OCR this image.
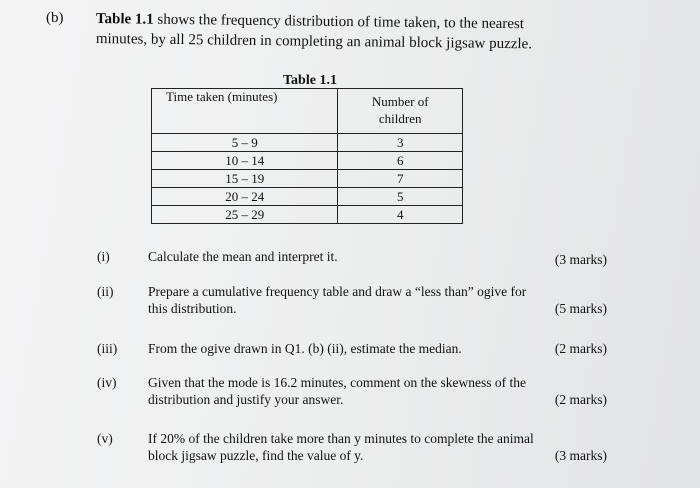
(b) Table 1.1 shows the frequency distribution of time taken, to the nearest
minutes, by all 25 children in completing an animal block jigsaw puzzle.
Table 1.1
Time taken (minutes)	Number of
children
5 – 9	3
10 – 14	6
15 – 19	7
20 – 24	5
25 – 29	4
(i)	Calculate the mean and interpret it.	(3 marks)
(ii)	Prepare a cumulative frequency table and draw a “less than” ogive for
this distribution.	(5 marks)
(iii) From the ogive drawn in Q1. (b) (ii), estimate the median.	(2 marks)
(iv) Given that the mode is 16.2 minutes, comment on the skewness of the
distribution and justify your answer.	(2 marks)
(v)	If 20% of the children take more than y minutes to complete the animal
block jigsaw puzzle, find the value of y.	(3 marks)
